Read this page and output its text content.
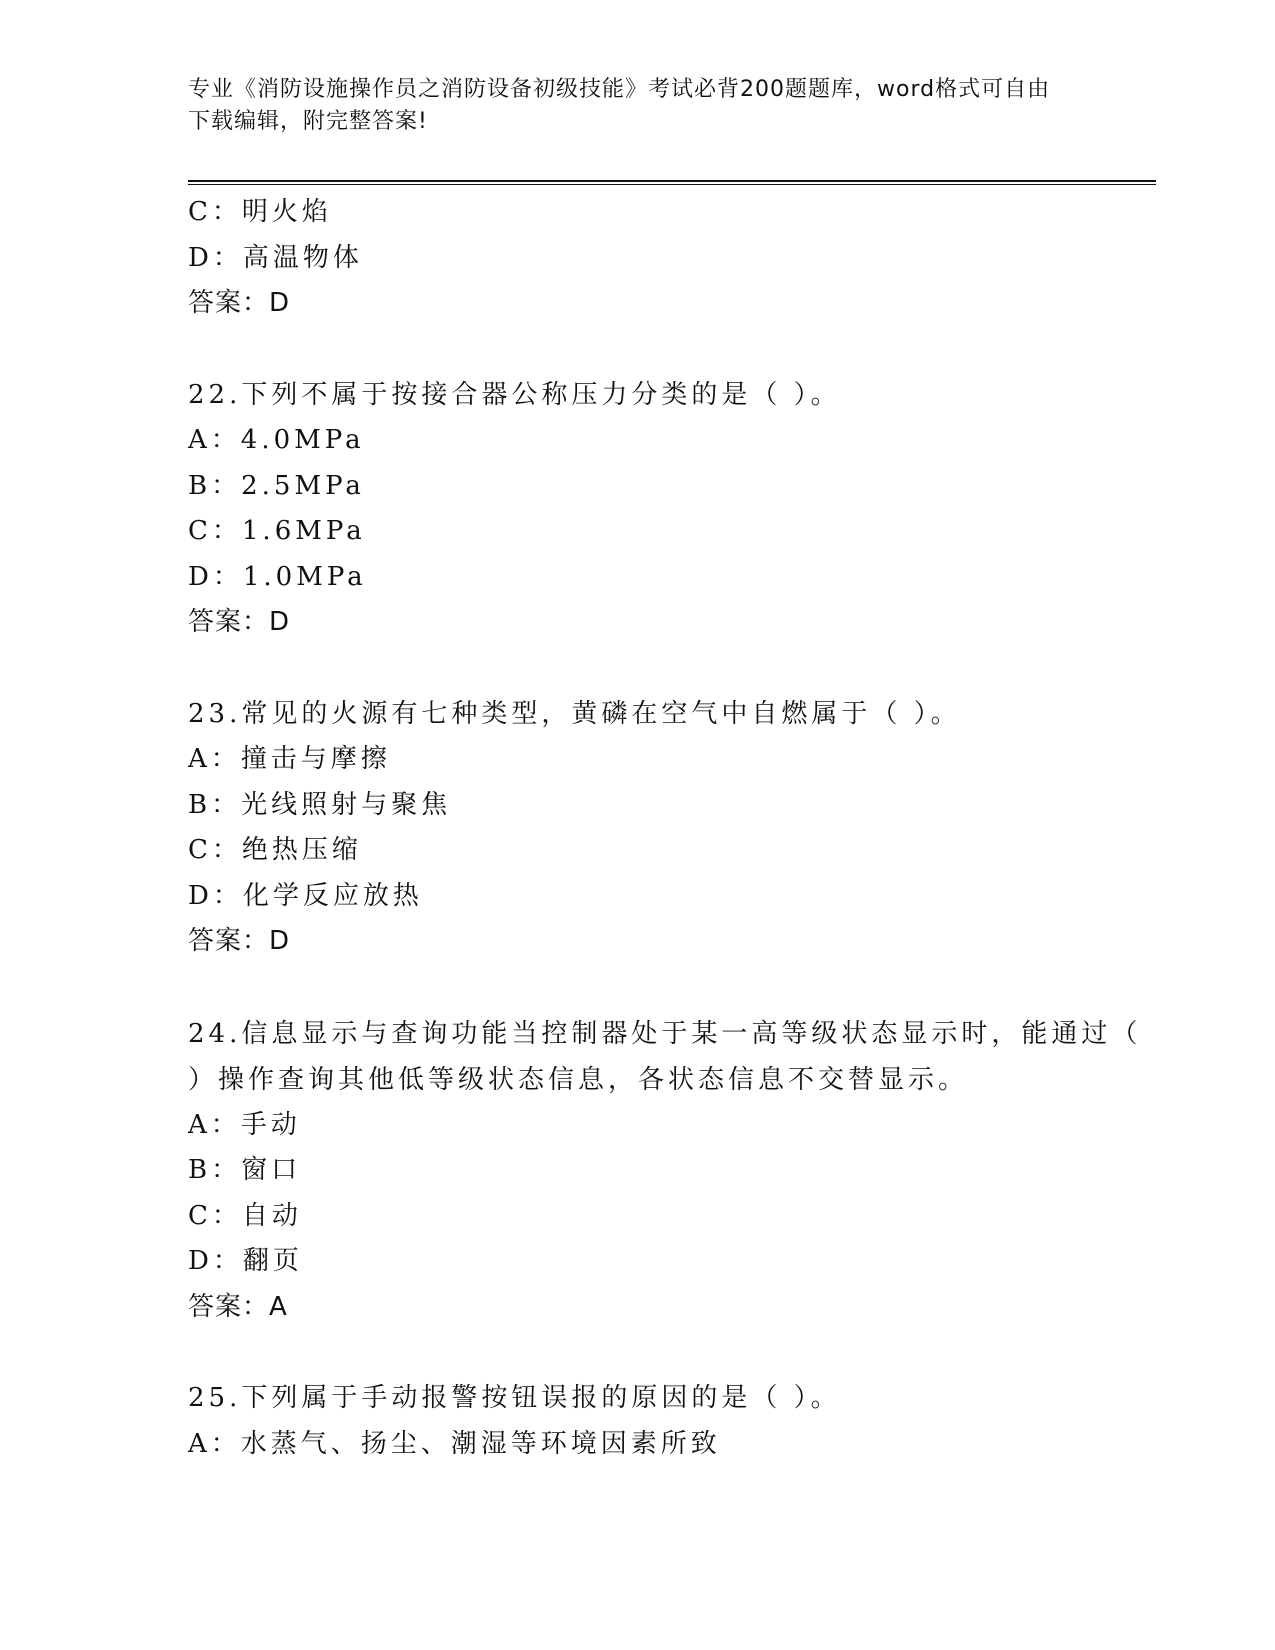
专业《消防设施操作员之消防设备初级技能》考试必背200题题库，word格式可自由下载编辑，附完整答案!
C：明火焰
D：高温物体
答案：D
22.下列不属于按接合器公称压力分类的是（ ）。
A：4.0MPa
B：2.5MPa
C：1.6MPa
D：1.0MPa
答案：D
23.常见的火源有七种类型，黄磷在空气中自燃属于（ ）。
A：撞击与摩擦
B：光线照射与聚焦
C：绝热压缩
D：化学反应放热
答案：D
24.信息显示与查询功能当控制器处于某一高等级状态显示时，能通过（ ）操作查询其他低等级状态信息，各状态信息不交替显示。
A：手动
B：窗口
C：自动
D：翻页
答案：A
25.下列属于手动报警按钮误报的原因的是（ ）。
A：水蒸气、扬尘、潮湿等环境因素所致
